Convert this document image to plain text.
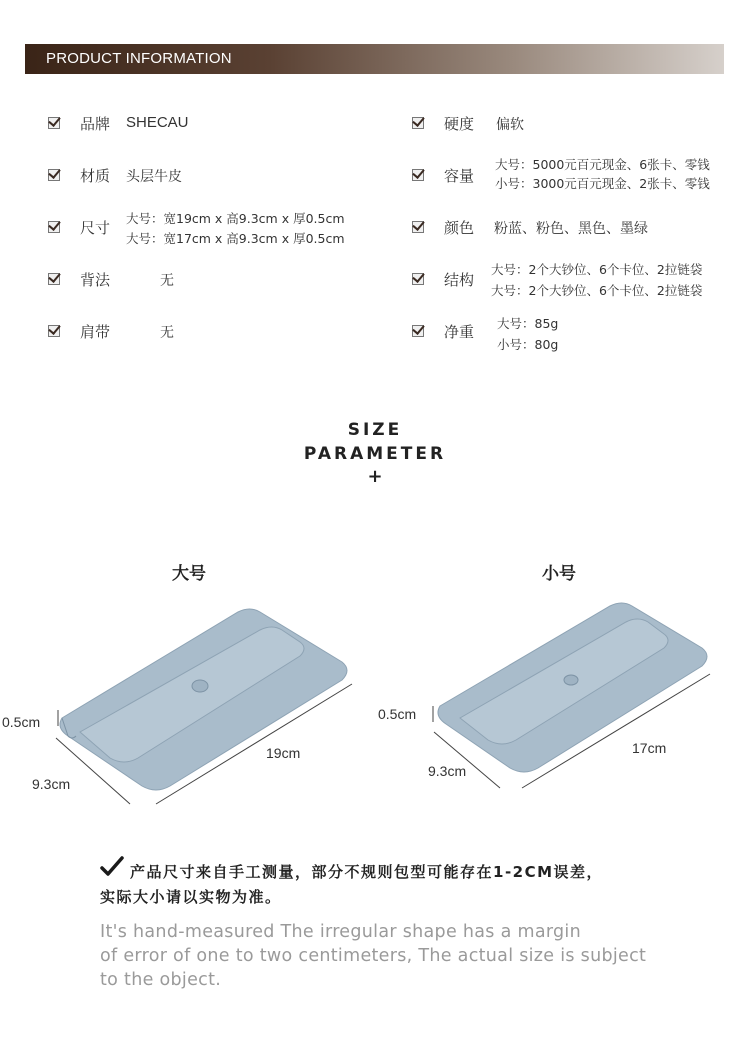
PRODUCT INFORMATION
品牌 SHECAU
材质 头层牛皮
尺寸
大号：宽19cm x 高9.3cm x 厚0.5cm
大号：宽17cm x 高9.3cm x 厚0.5cm
背法	无
肩带	无
硬度 偏软
容量
大号：5000元百元现金、6张卡、零钱
小号：3000元百元现金、2张卡、零钱
颜色 粉蓝、粉色、黑色、墨绿
结构
大号：2个大钞位、6个卡位、2拉链袋
大号：2个大钞位、6个卡位、2拉链袋
净重 大号：85g
小号：80g
SIZE
PARAMETER
+
大号	小号
0.5cm
19cm
9.3cm
0.5cm
17cm
9.3cm
产品尺寸来自手工测量，部分不规则包型可能存在1-2CM误差，
实际大小请以实物为准。
It's hand-measured The irregular shape has a margin
of error of one to two centimeters, The actual size is subject
to the object.
